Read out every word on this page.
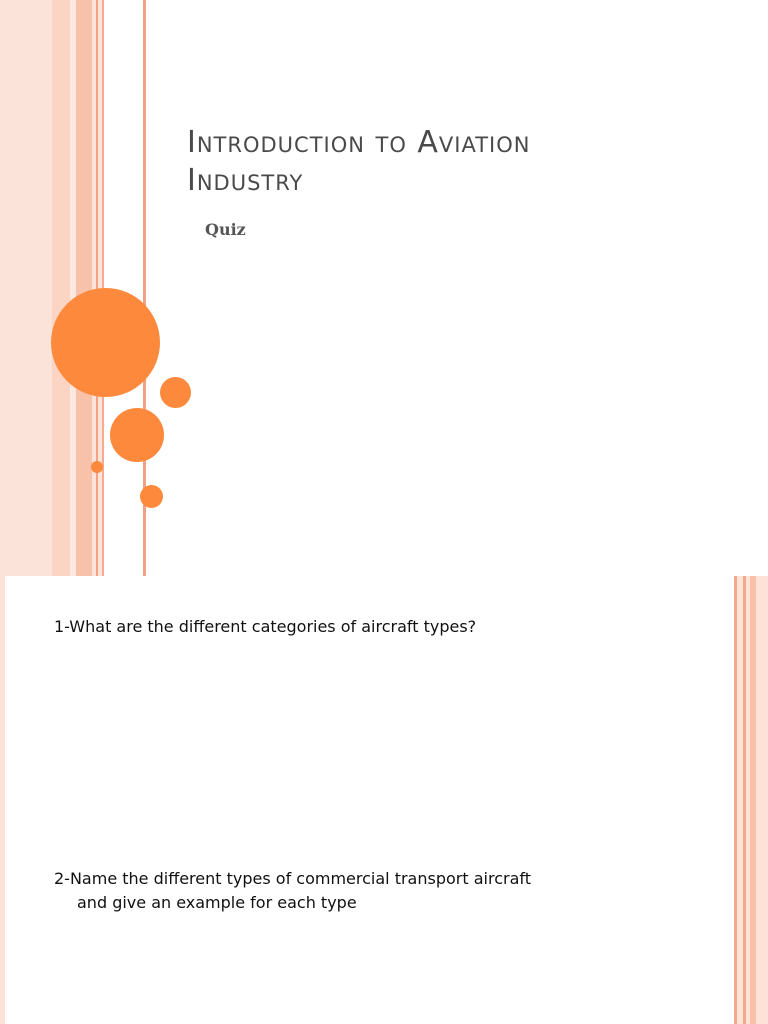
Introduction to Aviation Industry
Quiz
1-What are the different categories of aircraft types?
2-Name the different types of commercial transport aircraft
and give an example for each type
